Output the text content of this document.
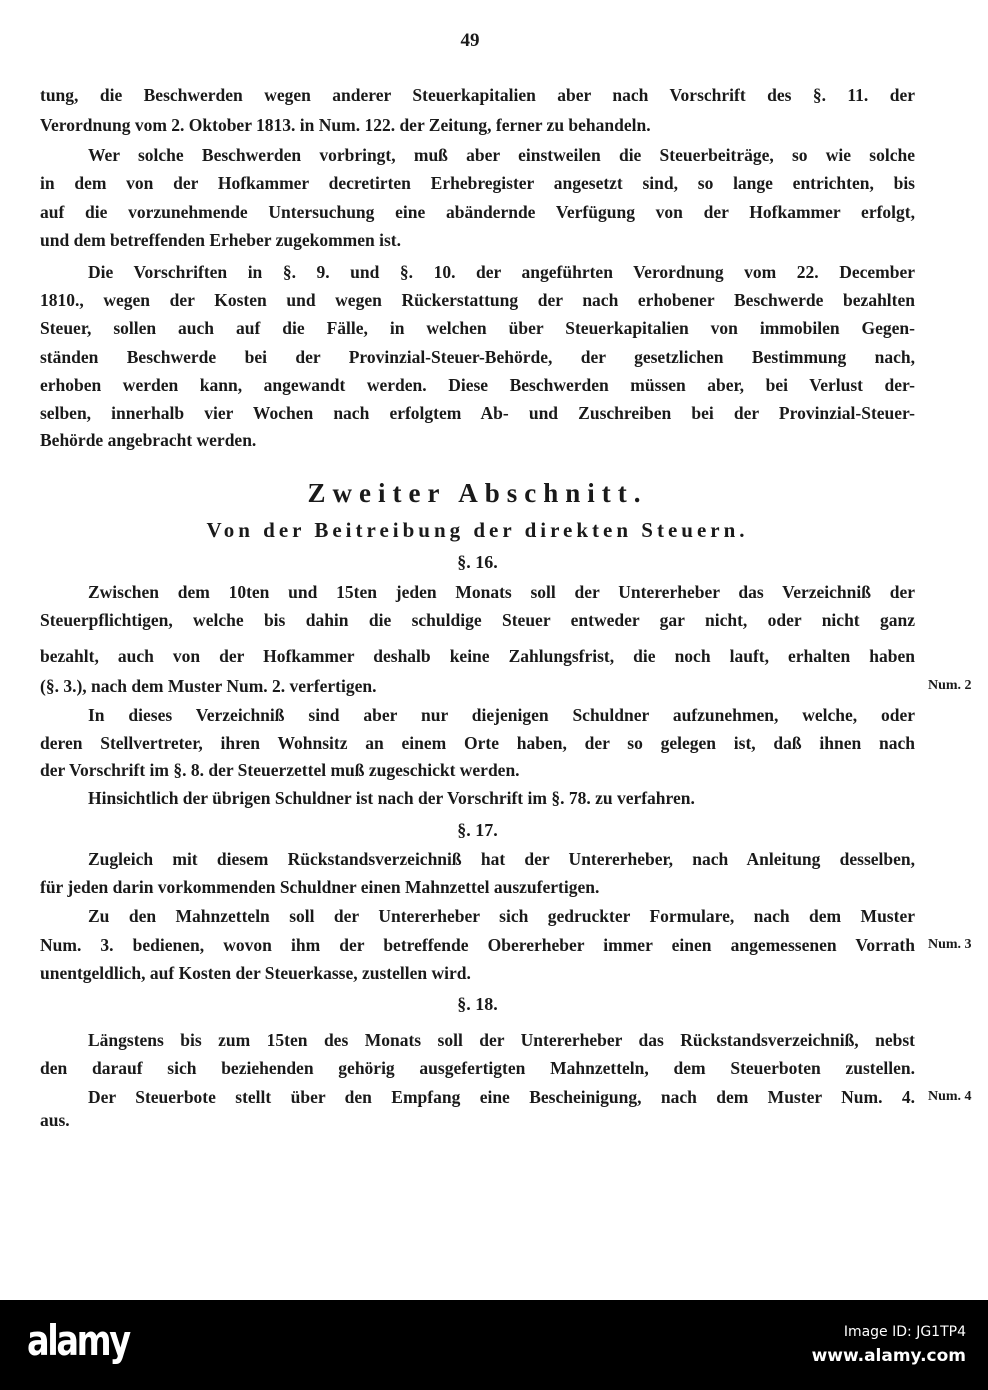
49
tung, die Beschwerden wegen anderer Steuerkapitalien aber nach Vorschrift des §. 11. der
Verordnung vom 2. Oktober 1813. in Num. 122. der Zeitung, ferner zu behandeln.
Wer solche Beschwerden vorbringt, muß aber einstweilen die Steuerbeiträge, so wie solche
in dem von der Hofkammer decretirten Erhebregister angesetzt sind, so lange entrichten, bis
auf die vorzunehmende Untersuchung eine abändernde Verfügung von der Hofkammer erfolgt,
und dem betreffenden Erheber zugekommen ist.
Die Vorschriften in §. 9. und §. 10. der angeführten Verordnung vom 22. December
1810., wegen der Kosten und wegen Rückerstattung der nach erhobener Beschwerde bezahlten
Steuer, sollen auch auf die Fälle, in welchen über Steuerkapitalien von immobilen Gegen-
ständen Beschwerde bei der Provinzial-Steuer-Behörde, der gesetzlichen Bestimmung nach,
erhoben werden kann, angewandt werden. Diese Beschwerden müssen aber, bei Verlust der-
selben, innerhalb vier Wochen nach erfolgtem Ab- und Zuschreiben bei der Provinzial-Steuer-
Behörde angebracht werden.
Zweiter Abschnitt.
Von der Beitreibung der direkten Steuern.
§. 16.
Zwischen dem 10ten und 15ten jeden Monats soll der Untererheber das Verzeichniß der
Steuerpflichtigen, welche bis dahin die schuldige Steuer entweder gar nicht, oder nicht ganz
bezahlt, auch von der Hofkammer deshalb keine Zahlungsfrist, die noch lauft, erhalten haben
(§. 3.), nach dem Muster Num. 2. verfertigen.	Num. 2
In dieses Verzeichniß sind aber nur diejenigen Schuldner aufzunehmen, welche, oder
deren Stellvertreter, ihren Wohnsitz an einem Orte haben, der so gelegen ist, daß ihnen nach
der Vorschrift im §. 8. der Steuerzettel muß zugeschickt werden.
Hinsichtlich der übrigen Schuldner ist nach der Vorschrift im §. 78. zu verfahren.
§. 17.
Zugleich mit diesem Rückstandsverzeichniß hat der Untererheber, nach Anleitung desselben,
für jeden darin vorkommenden Schuldner einen Mahnzettel auszufertigen.
Zu den Mahnzetteln soll der Untererheber sich gedruckter Formulare, nach dem Muster
Num. 3. bedienen, wovon ihm der betreffende Obererheber immer einen angemessenen Vorrath Num. 3
unentgeldlich, auf Kosten der Steuerkasse, zustellen wird.
§. 18.
Längstens bis zum 15ten des Monats soll der Untererheber das Rückstandsverzeichniß, nebst
den darauf sich beziehenden gehörig ausgefertigten Mahnzetteln, dem Steuerboten zustellen.
Der Steuerbote stellt über den Empfang eine Bescheinigung, nach dem Muster Num. 4. Num. 4
aus.
alamy	Image ID: JG1TP4
www.alamy.com
